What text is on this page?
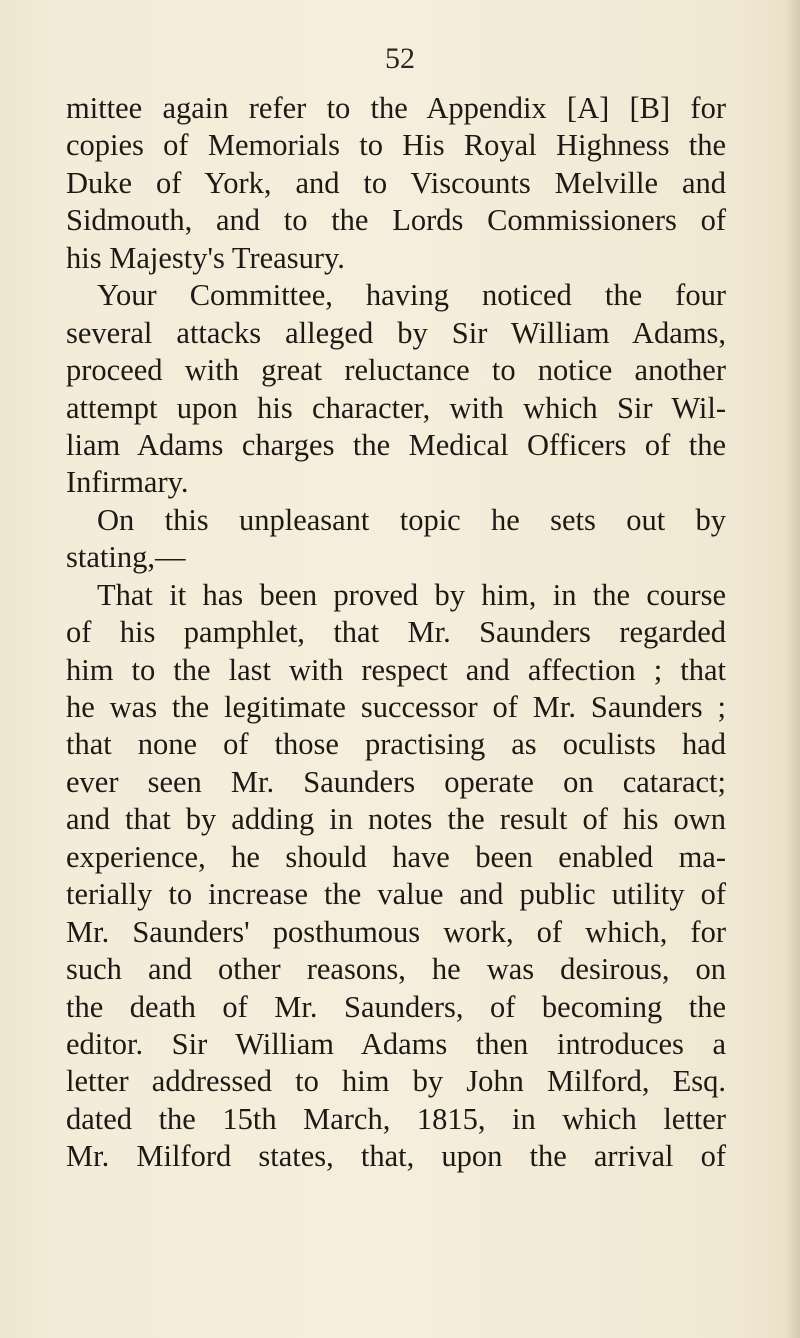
52
mittee again refer to the Appendix [A] [B] for
copies of Memorials to His Royal Highness the
Duke of York, and to Viscounts Melville and
Sidmouth, and to the Lords Commissioners of
his Majesty's Treasury.
Your Committee, having noticed the four
several attacks alleged by Sir William Adams,
proceed with great reluctance to notice another
attempt upon his character, with which Sir Wil-
liam Adams charges the Medical Officers of the
Infirmary.
On this unpleasant topic he sets out by
stating,—
That it has been proved by him, in the course
of his pamphlet, that Mr. Saunders regarded
him to the last with respect and affection ; that
he was the legitimate successor of Mr. Saunders ;
that none of those practising as oculists had
ever seen Mr. Saunders operate on cataract;
and that by adding in notes the result of his own
experience, he should have been enabled ma-
terially to increase the value and public utility of
Mr. Saunders' posthumous work, of which, for
such and other reasons, he was desirous, on
the death of Mr. Saunders, of becoming the
editor. Sir William Adams then introduces a
letter addressed to him by John Milford, Esq.
dated the 15th March, 1815, in which letter
Mr. Milford states, that, upon the arrival of
